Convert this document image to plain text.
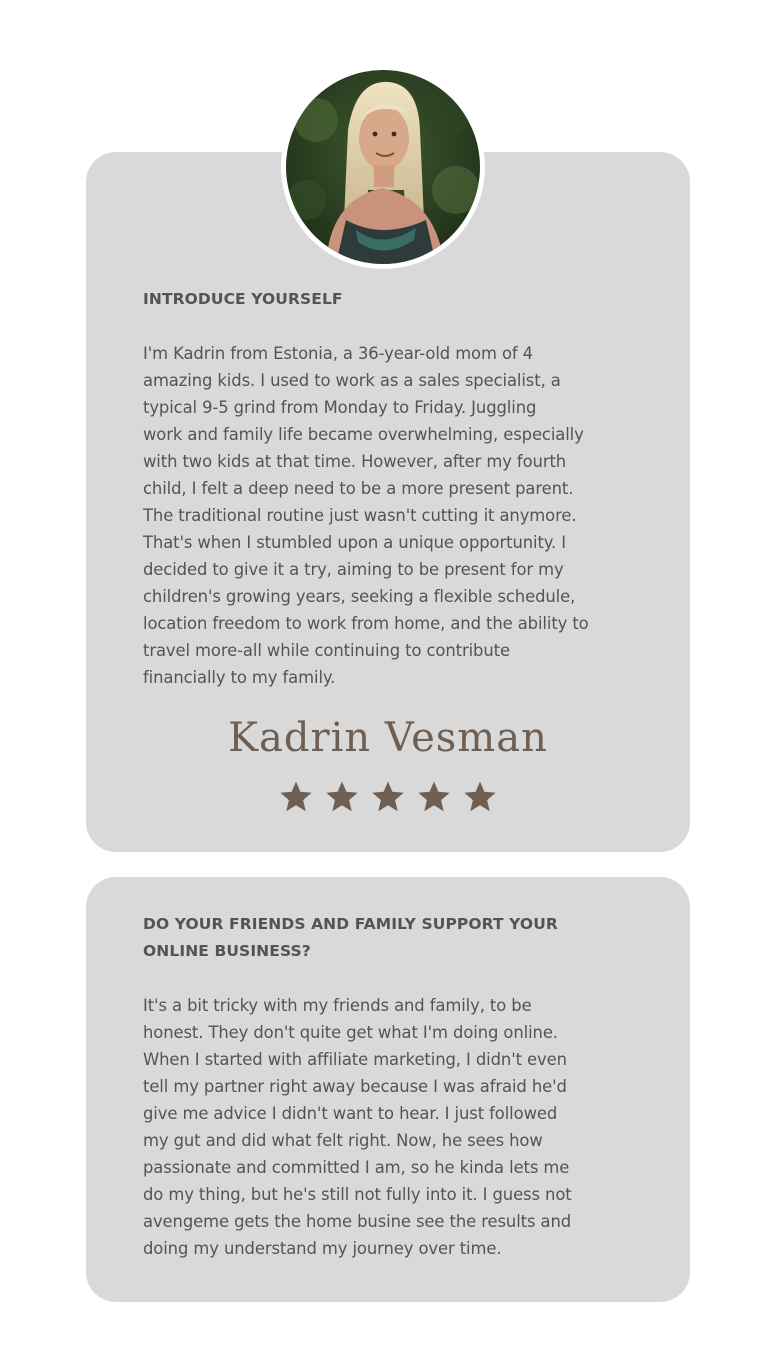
INTRODUCE YOURSELF

I'm Kadrin from Estonia, a 36-year-old mom of 4
amazing kids. I used to work as a sales specialist, a
typical 9-5 grind from Monday to Friday. Juggling
work and family life became overwhelming, especially
with two kids at that time. However, after my fourth
child, I felt a deep need to be a more present parent.
The traditional routine just wasn't cutting it anymore.
That's when I stumbled upon a unique opportunity. I
decided to give it a try, aiming to be present for my
children's growing years, seeking a flexible schedule,
location freedom to work from home, and the ability to
travel more-all while continuing to contribute
financially to my family.

Kadrin Vesman
DO YOUR FRIENDS AND FAMILY SUPPORT YOUR
ONLINE BUSINESS?

It's a bit tricky with my friends and family, to be
honest. They don't quite get what I'm doing online.
When I started with affiliate marketing, I didn't even
tell my partner right away because I was afraid he'd
give me advice I didn't want to hear. I just followed
my gut and did what felt right. Now, he sees how
passionate and committed I am, so he kinda lets me
do my thing, but he's still not fully into it. I guess not
avengeme gets the home busine see the results and
doing my understand my journey over time.
